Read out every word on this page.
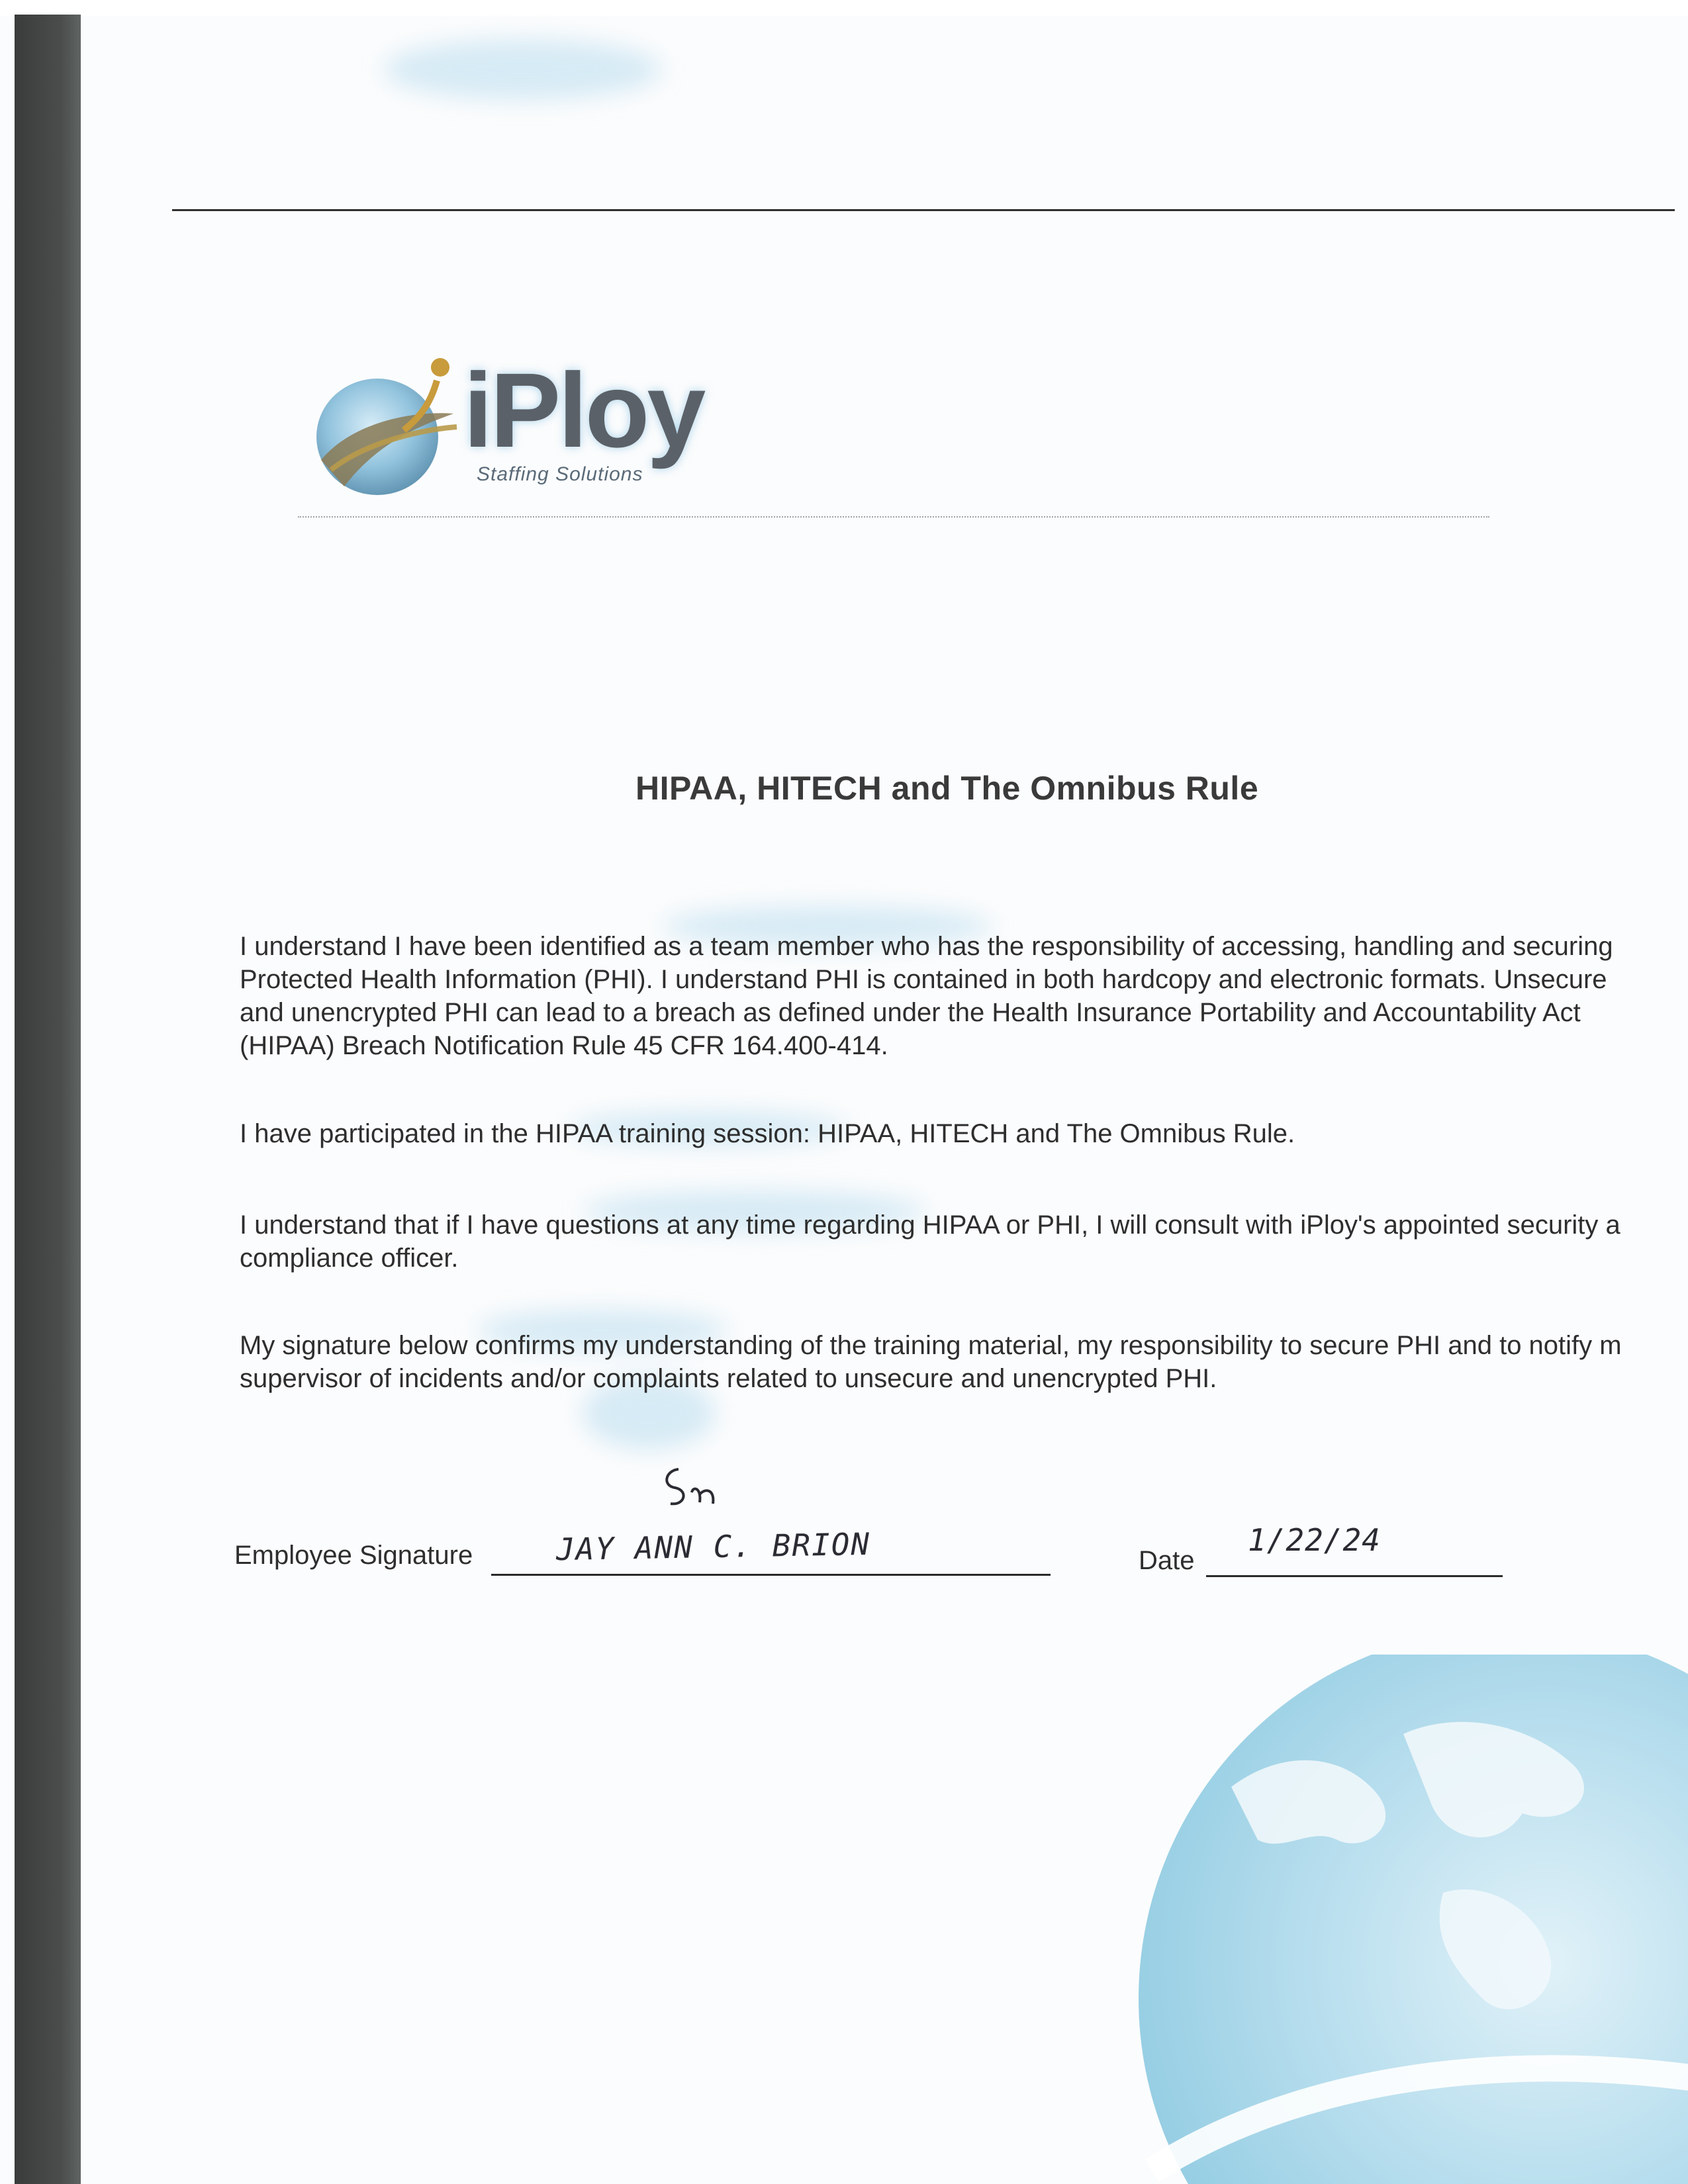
iPloy
Staffing Solutions
HIPAA, HITECH and The Omnibus Rule
I understand I have been identified as a team member who has the responsibility of accessing, handling and securing
Protected Health Information (PHI). I understand PHI is contained in both hardcopy and electronic formats. Unsecure
and unencrypted PHI can lead to a breach as defined under the Health Insurance Portability and Accountability Act
(HIPAA) Breach Notification Rule 45 CFR 164.400-414.
I have participated in the HIPAA training session: HIPAA, HITECH and The Omnibus Rule.
I understand that if I have questions at any time regarding HIPAA or PHI, I will consult with iPloy's appointed security a
compliance officer.
My signature below confirms my understanding of the training material, my responsibility to secure PHI and to notify m
supervisor of incidents and/or complaints related to unsecure and unencrypted PHI.
Employee Signature	JAY ANN C. BRION	Date
1/22/24
